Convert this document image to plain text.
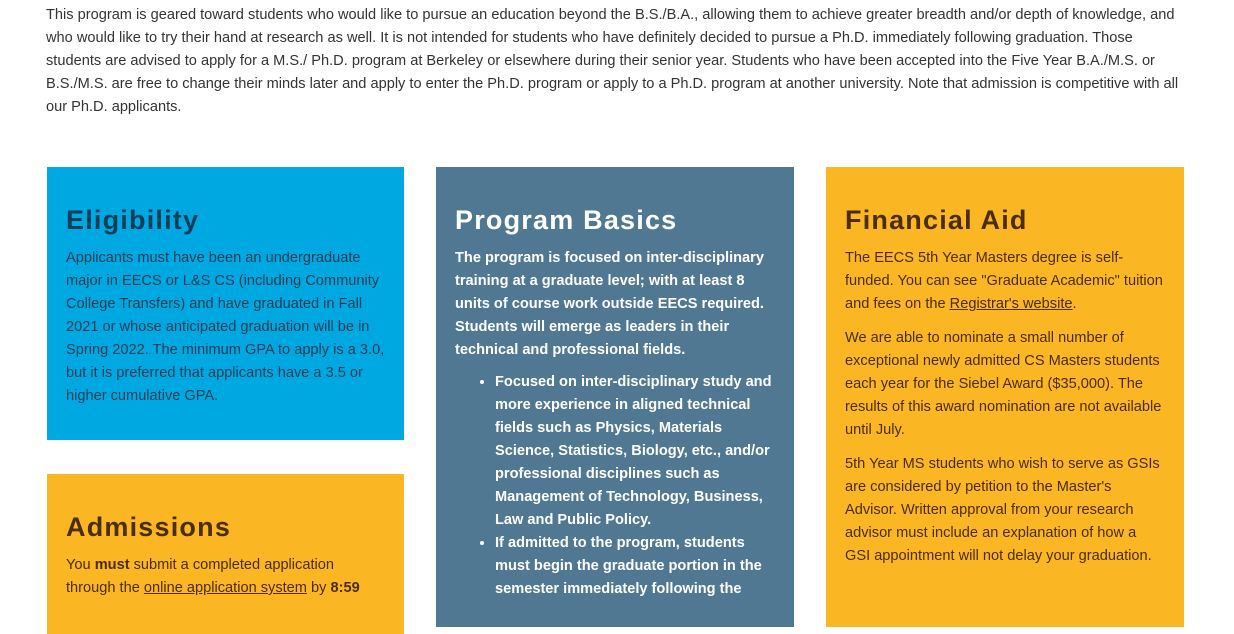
This program is geared toward students who would like to pursue an education beyond the B.S./B.A., allowing them to achieve greater breadth and/or depth of knowledge, and who would like to try their hand at research as well. It is not intended for students who have definitely decided to pursue a Ph.D. immediately following graduation. Those students are advised to apply for a M.S./ Ph.D. program at Berkeley or elsewhere during their senior year. Students who have been accepted into the Five Year B.A./M.S. or B.S./M.S. are free to change their minds later and apply to enter the Ph.D. program or apply to a Ph.D. program at another university. Note that admission is competitive with all our Ph.D. applicants.

Eligibility

Applicants must have been an undergraduate major in EECS or L&S CS (including Community College Transfers) and have graduated in Fall 2021 or whose anticipated graduation will be in Spring 2022. The minimum GPA to apply is a 3.0, but it is preferred that applicants have a 3.5 or higher cumulative GPA.

Admissions

You must submit a completed application through the online application system by 8:59

Program Basics

The program is focused on inter-disciplinary training at a graduate level; with at least 8 units of course work outside EECS required. Students will emerge as leaders in their technical and professional fields.

• Focused on inter-disciplinary study and more experience in aligned technical fields such as Physics, Materials Science, Statistics, Biology, etc., and/or professional disciplines such as Management of Technology, Business, Law and Public Policy.
• If admitted to the program, students must begin the graduate portion in the semester immediately following the
Financial Aid

The EECS 5th Year Masters degree is self-funded. You can see "Graduate Academic" tuition and fees on the Registrar's website.

We are able to nominate a small number of exceptional newly admitted CS Masters students each year for the Siebel Award ($35,000). The results of this award nomination are not available until July.

5th Year MS students who wish to serve as GSIs are considered by petition to the Master's Advisor. Written approval from your research advisor must include an explanation of how a GSI appointment will not delay your graduation.
